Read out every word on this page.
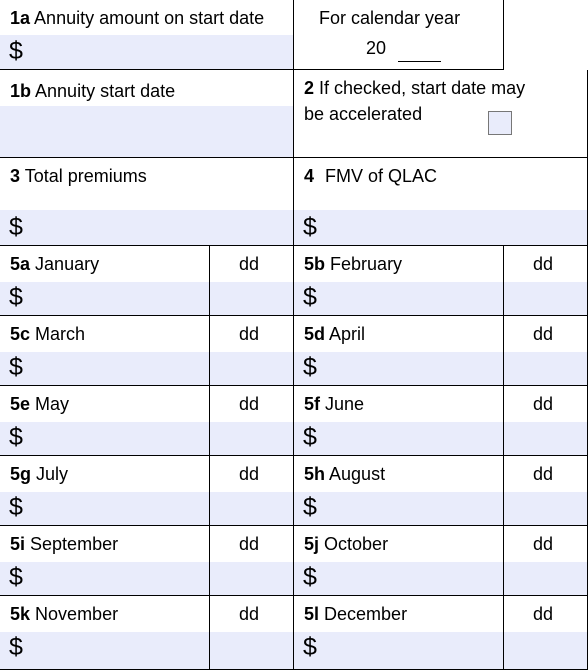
1a Annuity amount on start date
$
For calendar year
20
1b Annuity start date	2 If checked, start date may
be accelerated
3 Total premiums
$
4 FMV of QLAC
$
5a January
$
dd 5b February
$
dd
5c March
$
dd 5d April
$
dd
5e May
$
dd 5f June
$
dd
5g July
$
dd 5h August
$
dd
5i September
$
dd 5j October
$
dd
5k November
$
dd 5l December
$
dd
